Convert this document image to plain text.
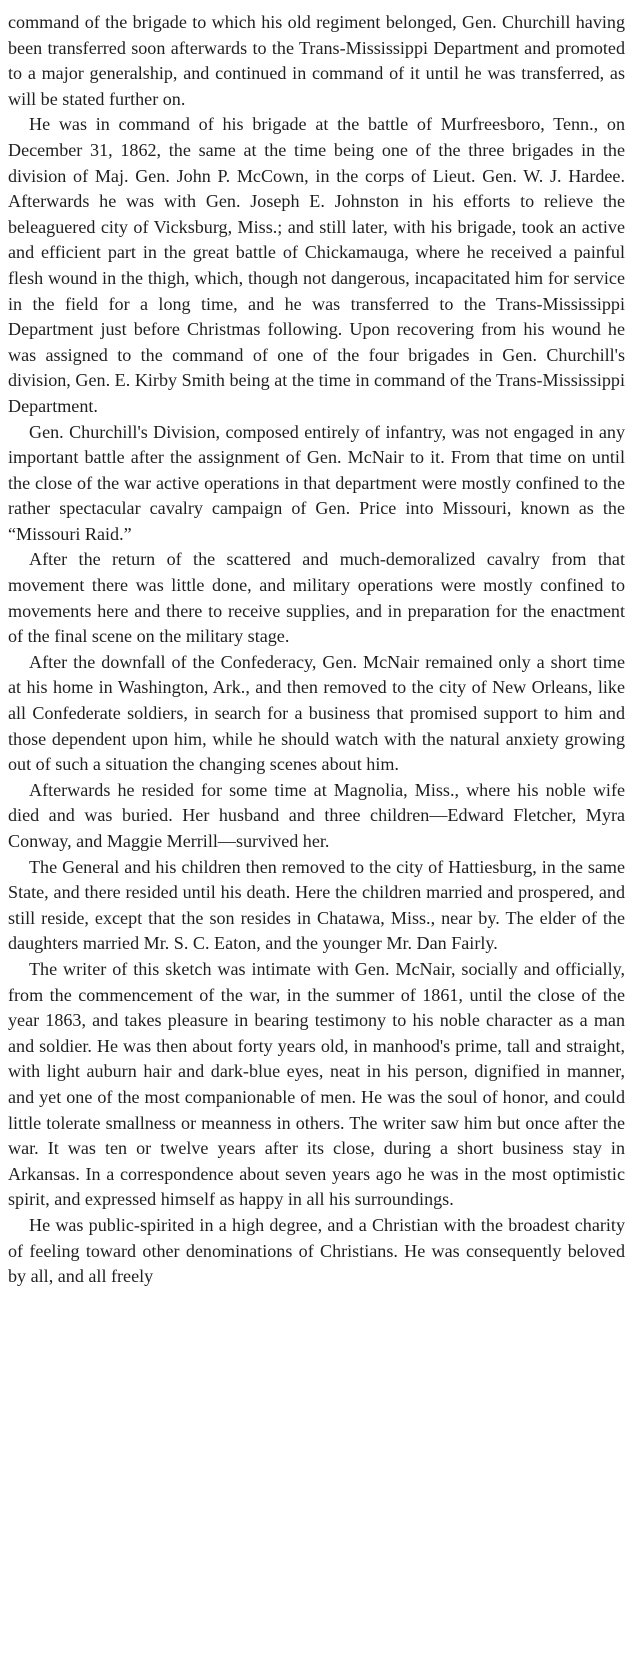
command of the brigade to which his old regiment belonged, Gen. Churchill having been transferred soon afterwards to the Trans-Mississippi Department and promoted to a major generalship, and continued in command of it until he was transferred, as will be stated further on.

He was in command of his brigade at the battle of Murfreesboro, Tenn., on December 31, 1862, the same at the time being one of the three brigades in the division of Maj. Gen. John P. McCown, in the corps of Lieut. Gen. W. J. Hardee. Afterwards he was with Gen. Joseph E. Johnston in his efforts to relieve the beleaguered city of Vicksburg, Miss.; and still later, with his brigade, took an active and efficient part in the great battle of Chickamauga, where he received a painful flesh wound in the thigh, which, though not dangerous, incapacitated him for service in the field for a long time, and he was transferred to the Trans-Mississippi Department just before Christmas following. Upon recovering from his wound he was assigned to the command of one of the four brigades in Gen. Churchill's division, Gen. E. Kirby Smith being at the time in command of the Trans-Mississippi Department.

Gen. Churchill's Division, composed entirely of infantry, was not engaged in any important battle after the assignment of Gen. McNair to it. From that time on until the close of the war active operations in that department were mostly confined to the rather spectacular cavalry campaign of Gen. Price into Missouri, known as the “Missouri Raid.”

After the return of the scattered and much-demoralized cavalry from that movement there was little done, and military operations were mostly confined to movements here and there to receive supplies, and in preparation for the enactment of the final scene on the military stage.

After the downfall of the Confederacy, Gen. McNair remained only a short time at his home in Washington, Ark., and then removed to the city of New Orleans, like all Confederate soldiers, in search for a business that promised support to him and those dependent upon him, while he should watch with the natural anxiety growing out of such a situation the changing scenes about him.

Afterwards he resided for some time at Magnolia, Miss., where his noble wife died and was buried. Her husband and three children—Edward Fletcher, Myra Conway, and Maggie Merrill—survived her.

The General and his children then removed to the city of Hattiesburg, in the same State, and there resided until his death. Here the children married and prospered, and still reside, except that the son resides in Chatawa, Miss., near by. The elder of the daughters married Mr. S. C. Eaton, and the younger Mr. Dan Fairly.

The writer of this sketch was intimate with Gen. McNair, socially and officially, from the commencement of the war, in the summer of 1861, until the close of the year 1863, and takes pleasure in bearing testimony to his noble character as a man and soldier. He was then about forty years old, in manhood's prime, tall and straight, with light auburn hair and dark-blue eyes, neat in his person, dignified in manner, and yet one of the most companionable of men. He was the soul of honor, and could little tolerate smallness or meanness in others. The writer saw him but once after the war. It was ten or twelve years after its close, during a short business stay in Arkansas. In a correspondence about seven years ago he was in the most optimistic spirit, and expressed himself as happy in all his surroundings.

He was public-spirited in a high degree, and a Christian with the broadest charity of feeling toward other denominations of Christians. He was consequently beloved by all, and all freely
